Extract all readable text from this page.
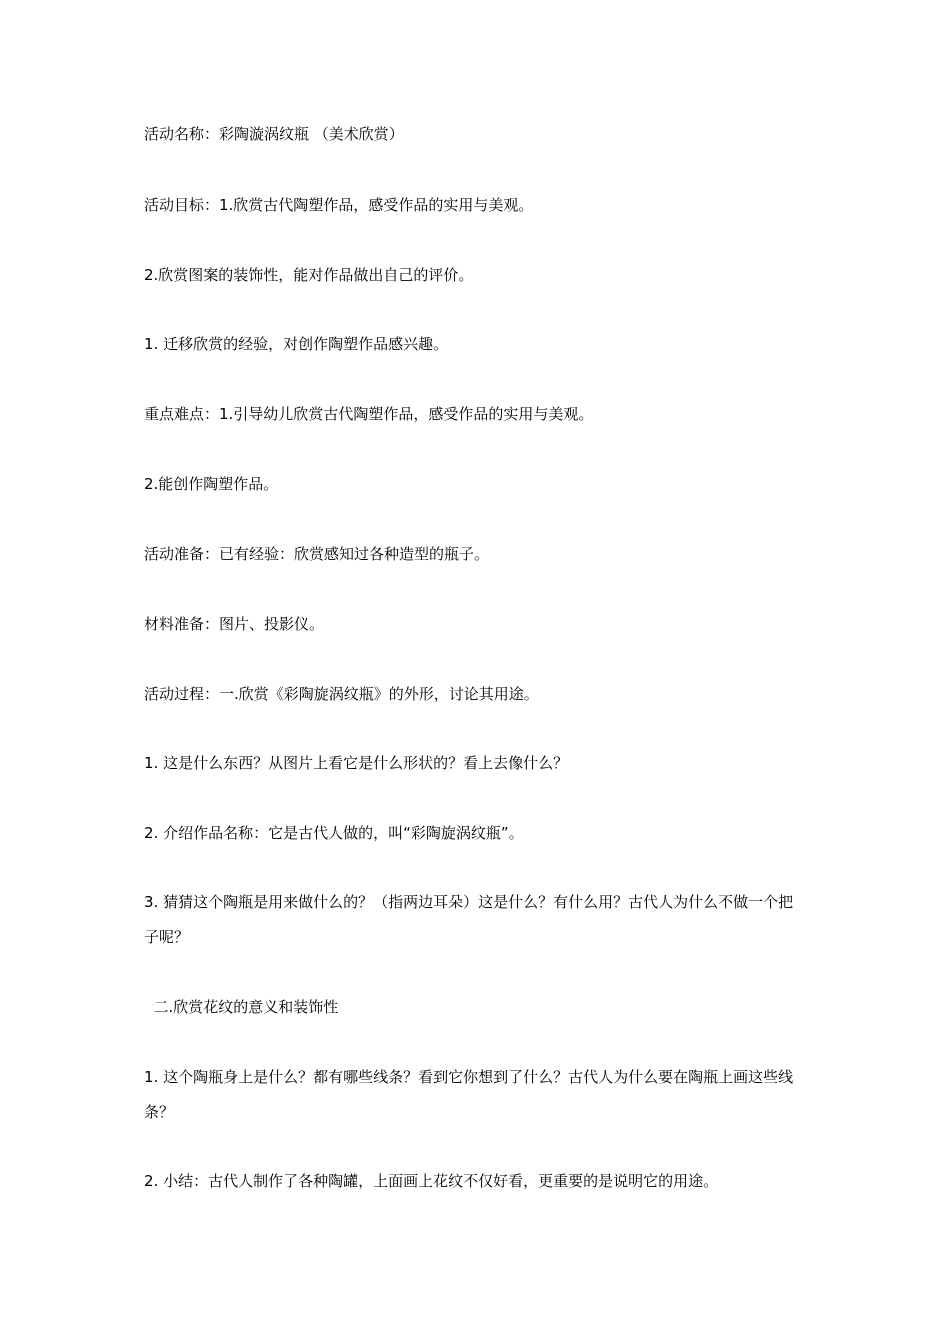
活动名称：彩陶漩涡纹瓶 （美术欣赏）

活动目标：1.欣赏古代陶塑作品，感受作品的实用与美观。

2.欣赏图案的装饰性，能对作品做出自己的评价。

1. 迁移欣赏的经验，对创作陶塑作品感兴趣。

重点难点：1.引导幼儿欣赏古代陶塑作品，感受作品的实用与美观。

2.能创作陶塑作品。

活动准备：已有经验：欣赏感知过各种造型的瓶子。

材料准备：图片、投影仪。

活动过程：一.欣赏《彩陶旋涡纹瓶》的外形，讨论其用途。

1. 这是什么东西？从图片上看它是什么形状的？看上去像什么？

2. 介绍作品名称：它是古代人做的，叫“彩陶旋涡纹瓶”。

3. 猜猜这个陶瓶是用来做什么的？（指两边耳朵）这是什么？有什么用？古代人为什么不做一个把子呢？

二.欣赏花纹的意义和装饰性

1. 这个陶瓶身上是什么？都有哪些线条？看到它你想到了什么？古代人为什么要在陶瓶上画这些线条？

2. 小结：古代人制作了各种陶罐，上面画上花纹不仅好看，更重要的是说明它的用途。
